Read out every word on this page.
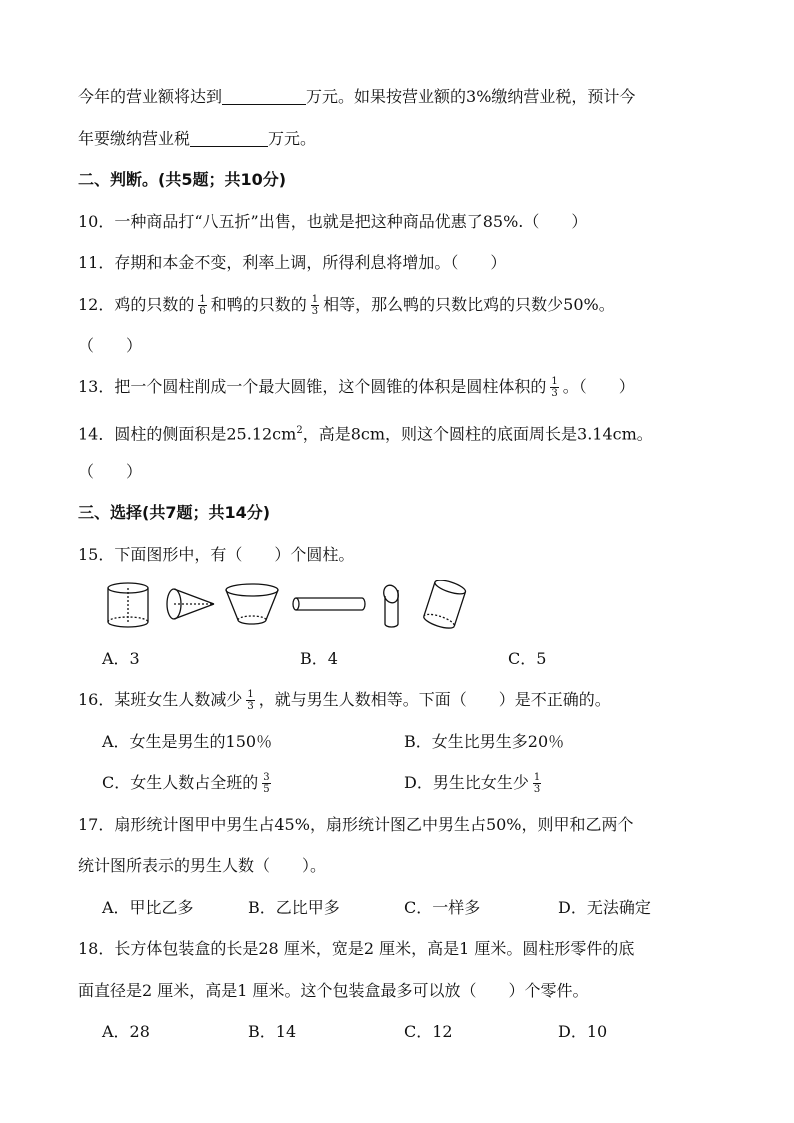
今年的营业额将达到	万元。如果按营业额的3%缴纳营业税，预计今
年要缴纳营业税	万元。
二、判断。(共5题；共10分)
10．一种商品打“八五折”出售，也就是把这种商品优惠了85%.（　　）
11．存期和本金不变，利率上调，所得利息将增加。（　　）
12．鸡的只数的 $\frac{1}{6}$ 和鸭的只数的 $\frac{1}{3}$ 相等，那么鸭的只数比鸡的只数少50%。
（　　）
13．把一个圆柱削成一个最大圆锥，这个圆锥的体积是圆柱体积的 $\frac{1}{3}$ 。（　　）
14．圆柱的侧面积是$25.12cm^2$，高是8cm，则这个圆柱的底面周长是3.14cm。
（　　）
三、选择(共7题；共14分)
15．下面图形中，有（　　）个圆柱。
A．3	B．4	C．5
16．某班女生人数减少 $\frac{1}{3}$ ，就与男生人数相等。下面（　　）是不正确的。
A．女生是男生的150％	B．女生比男生多20％
C．女生人数占全班的 $\frac{3}{5}$	D．男生比女生少 $\frac{1}{3}$
17．扇形统计图甲中男生占45%，扇形统计图乙中男生占50%，则甲和乙两个
统计图所表示的男生人数（　　）。
A．甲比乙多	B．乙比甲多	C．一样多	D．无法确定
18．长方体包装盒的长是28 厘米，宽是2 厘米，高是1 厘米。圆柱形零件的底
面直径是2 厘米，高是1 厘米。这个包装盒最多可以放（　　）个零件。
A．28	B．14	C．12	D．10
